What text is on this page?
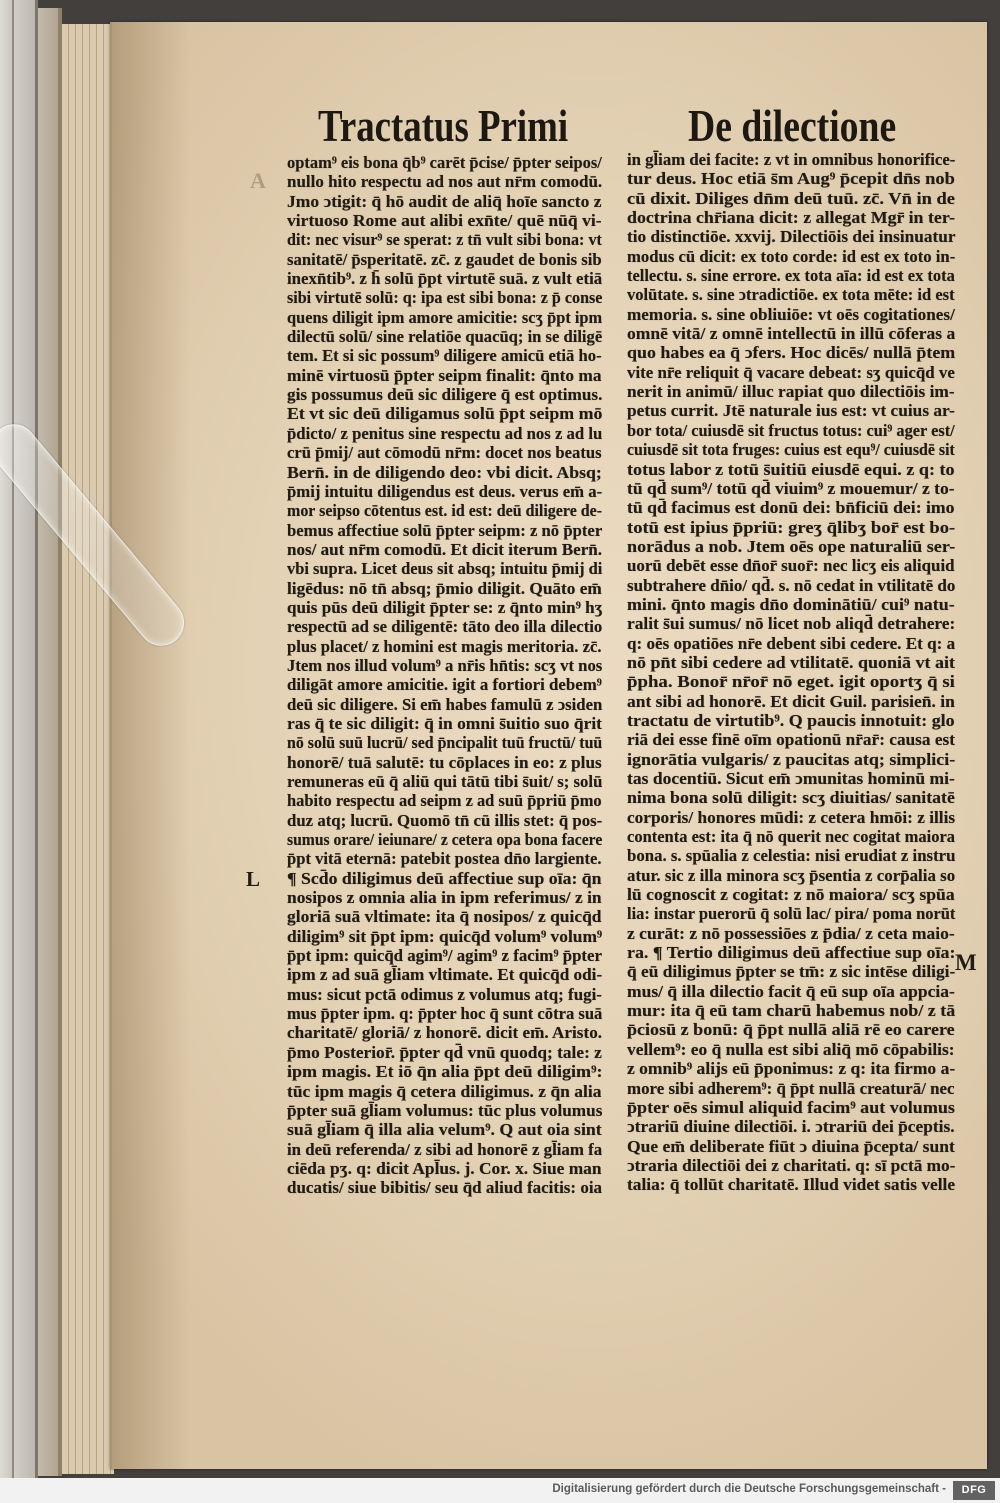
Tractatus Primi	De dilectione
A
L
M
optam⁹ eis bona q̄b⁹ carēt p̄cise/ p̄pter seipos/
nullo hito respectu ad nos aut nr̄m comodū.
Jmo ↄtigit: q̄ hō audit de aliq̄ hoīe sancto z
virtuoso Rome aut alibi exn̄te/ quē nūq̄ vi-
dit: nec visur⁹ se sperat: z tn̄ vult sibi bona: vt
sanitatē/ p̄speritatē. zc̄. z gaudet de bonis sib
inexn̄tib⁹. z h̄ solū p̄pt virtutē suā. z vult etiā
sibi virtutē solū: q: ipa est sibi bona: z p̄ conse
quens diligit ipm amore amicitie: scʒ p̄pt ipm
dilectū solū/ sine relatiōe quacūq; in se diligē
tem. Et si sic possum⁹ diligere amicū etiā ho-
minē virtuosū p̄pter seipm finalit: q̄nto ma
gis possumus deū sic diligere q̄ est optimus.
Et vt sic deū diligamus solū p̄pt seipm mō
p̄dicto/ z penitus sine respectu ad nos z ad lu
crū p̄mij/ aut cōmodū nr̄m: docet nos beatus
Bern̄. in de diligendo deo: vbi dicit. Absq;
p̄mij intuitu diligendus est deus. verus em̄ a-
mor seipso cōtentus est. id est: deū diligere de-
bemus affectiue solū p̄pter seipm: z nō p̄pter
nos/ aut nr̄m comodū. Et dicit iterum Bern̄.
vbi supra. Licet deus sit absq; intuitu p̄mij di
ligēdus: nō tn̄ absq; p̄mio diligit. Quāto em̄
quis pūs deū diligit p̄pter se: z q̄nto min⁹ hʒ
respectū ad se diligentē: tāto deo illa dilectio
plus placet/ z homini est magis meritoria. zc̄.
Jtem nos illud volum⁹ a nr̄is hn̄tis: scʒ vt nos
diligāt amore amicitie. igit a fortiori debem⁹
deū sic diligere. Si em̄ habes famulū z ↄsiden
ras q̄ te sic diligit: q̄ in omni s̄uitio suo q̄rit
nō solū suū lucrū/ sed p̄ncipalit tuū fructū/ tuū
honorē/ tuā salutē: tu cōplaces in eo: z plus
remuneras eū q̄ aliū qui tātū tibi s̄uit/ s; solū
habito respectu ad seipm z ad suū p̄priū p̄mo
duz atq; lucrū. Quomō tn̄ cū illis stet: q̄ pos-
sumus orare/ ieiunare/ z cetera opa bona facere
p̄pt vitā eternā: patebit postea dn̄o largiente.
¶ Scd̄o diligimus deū affectiue sup oīa: q̄n
nosipos z omnia alia in ipm referimus/ z in
gloriā suā vltimate: ita q̄ nosipos/ z quicq̄d
diligim⁹ sit p̄pt ipm: quicq̄d volum⁹ volum⁹
p̄pt ipm: quicq̄d agim⁹/ agim⁹ z facim⁹ p̄pter
ipm z ad suā gl̄iam vltimate. Et quicq̄d odi-
mus: sicut pctā odimus z volumus atq; fugi-
mus p̄pter ipm. q: p̄pter hoc q̄ sunt cōtra suā
charitatē/ gloriā/ z honorē. dicit em̄. Aristo.
p̄mo Posterior̄. p̄pter qd̄ vnū quodq; tale: z
ipm magis. Et iō q̄n alia p̄pt deū diligim⁹:
tūc ipm magis q̄ cetera diligimus. z q̄n alia
p̄pter suā gl̄iam volumus: tūc plus volumus
suā gl̄iam q̄ illa alia velum⁹. Q aut oia sint
in deū referenda/ z sibi ad honorē z gl̄iam fa
ciēda pʒ. q: dicit Apl̄us. j. Cor. x. Siue man
ducatis/ siue bibitis/ seu q̄d aliud facitis: oia
in gl̄iam dei facite: z vt in omnibus honorifice-
tur deus. Hoc etiā s̄m Aug⁹ p̄cepit dn̄s nob
cū dixit. Diliges dn̄m deū tuū. zc̄. Vn̄ in de
doctrina chr̄iana dicit: z allegat Mgr̄ in ter-
tio distinctiōe. xxvij. Dilectiōis dei insinuatur
modus cū dicit: ex toto corde: id est ex toto in-
tellectu. s. sine errore. ex tota aīa: id est ex tota
volūtate. s. sine ↄtradictiōe. ex tota mēte: id est
memoria. s. sine obliuiōe: vt oēs cogitationes/
omnē vitā/ z omnē intellectū in illū cōferas a
quo habes ea q̄ ↄfers. Hoc dicēs/ nullā p̄tem
vite nr̄e reliquit q̄ vacare debeat: sʒ quicq̄d ve
nerit in animū/ illuc rapiat quo dilectiōis im-
petus currit. Jtē naturale ius est: vt cuius ar-
bor tota/ cuiusdē sit fructus totus: cui⁹ ager est/
cuiusdē sit tota fruges: cuius est equ⁹/ cuiusdē sit
totus labor z totū s̄uitiū eiusdē equi. z q: to
tū qd̄ sum⁹/ totū qd̄ viuim⁹ z mouemur/ z to-
tū qd̄ facimus est donū dei: bn̄ficiū dei: imo
totū est ipius p̄priū: greʒ q̄libʒ bor̄ est bo-
norādus a nob. Jtem oēs ope naturaliū ser-
uorū debēt esse dn̄or̄ suor̄: nec licʒ eis aliquid
subtrahere dn̄io/ qd̄. s. nō cedat in vtilitatē do
mini. q̄nto magis dn̄o dominātiū/ cui⁹ natu-
ralit s̄ui sumus/ nō licet nob aliqd̄ detrahere:
q: oēs opatiōes nr̄e debent sibi cedere. Et q: a
nō pn̄t sibi cedere ad vtilitatē. quoniā vt ait
p̄pha. Bonor̄ nr̄or̄ nō eget. igit oportʒ q̄ si
ant sibi ad honorē. Et dicit Guil. parisien̄. in
tractatu de virtutib⁹. Q paucis innotuit: glo
riā dei esse finē oīm opationū nr̄ar̄: causa est
ignorātia vulgaris/ z paucitas atq; simplici-
tas docentiū. Sicut em̄ ↄmunitas hominū mi-
nima bona solū diligit: scʒ diuitias/ sanitatē
corporis/ honores mūdi: z cetera hmōi: z illis
contenta est: ita q̄ nō querit nec cogitat maiora
bona. s. spūalia z celestia: nisi erudiat z instru
atur. sic z illa minora scʒ p̄sentia z corp̄alia so
lū cognoscit z cogitat: z nō maiora/ scʒ spūa
lia: instar puerorū q̄ solū lac/ pira/ poma norūt
z curāt: z nō possessiōes z p̄dia/ z ceta maio-
ra. ¶ Tertio diligimus deū affectiue sup oīa:
q̄ eū diligimus p̄pter se tm̄: z sic intēse diligi-
mus/ q̄ illa dilectio facit q̄ eū sup oīa appcia-
mur: ita q̄ eū tam charū habemus nob/ z tā
p̄ciosū z bonū: q̄ p̄pt nullā aliā rē eo carere
vellem⁹: eo q̄ nulla est sibi aliq̄ mō cōpabilis:
z omnib⁹ alijs eū p̄ponimus: z q: ita firmo a-
more sibi adherem⁹: q̄ p̄pt nullā creaturā/ nec
p̄pter oēs simul aliquid facim⁹ aut volumus
ↄtrariū diuine dilectiōi. i. ↄtrariū dei p̄ceptis.
Que em̄ deliberate fiūt ↄ diuina p̄cepta/ sunt
ↄtraria dilectiōi dei z charitati. q: sī pctā mo-
talia: q̄ tollūt charitatē. Illud videt satis velle
Digitalisierung gefördert durch die Deutsche Forschungsgemeinschaft -	DFG
